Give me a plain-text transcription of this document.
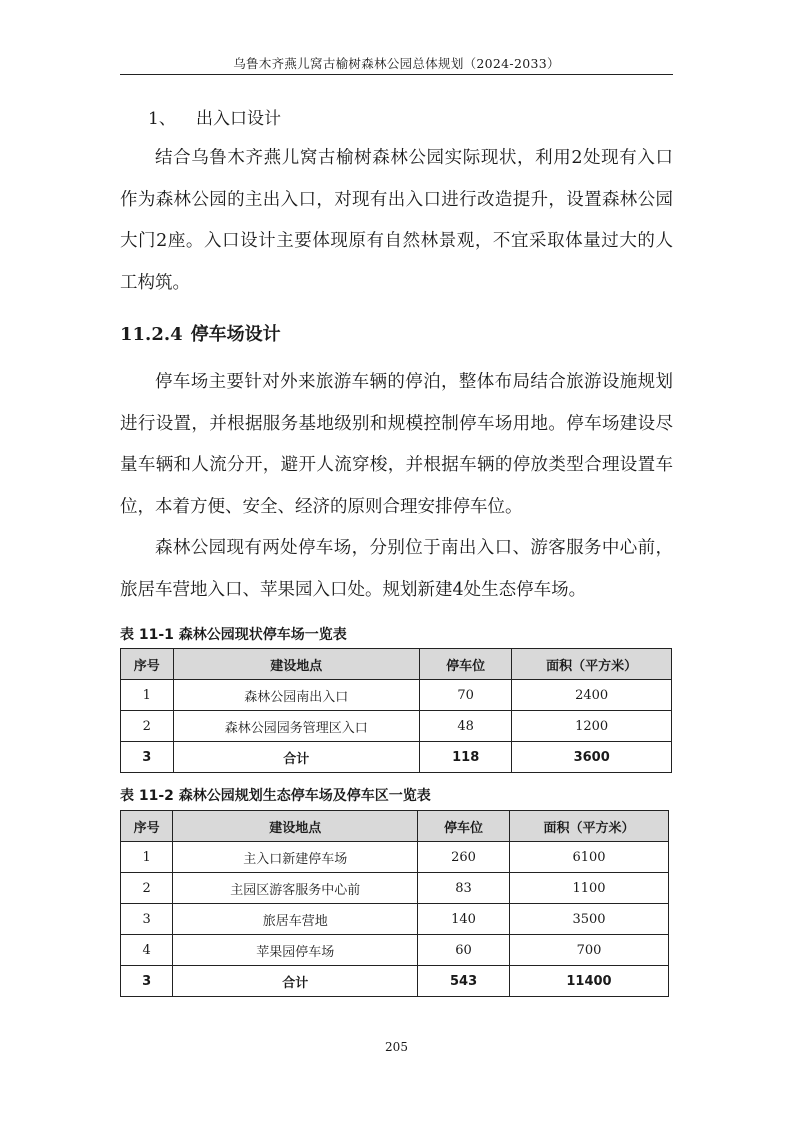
乌鲁木齐燕儿窝古榆树森林公园总体规划（2024-2033）
1、 出入口设计

结合乌鲁木齐燕儿窝古榆树森林公园实际现状，利用2处现有入口作为森林公园的主出入口，对现有出入口进行改造提升，设置森林公园大门2座。入口设计主要体现原有自然林景观，不宜采取体量过大的人工构筑。

11.2.4 停车场设计

停车场主要针对外来旅游车辆的停泊，整体布局结合旅游设施规划进行设置，并根据服务基地级别和规模控制停车场用地。停车场建设尽量车辆和人流分开，避开人流穿梭，并根据车辆的停放类型合理设置车位，本着方便、安全、经济的原则合理安排停车位。

森林公园现有两处停车场，分别位于南出入口、游客服务中心前，旅居车营地入口、苹果园入口处。规划新建4处生态停车场。

表 11-1 森林公园现状停车场一览表
序号	建设地点	停车位	面积（平方米）
1	森林公园南出入口	70	2400
2	森林公园园务管理区入口	48	1200
3	合计	118	3600
表 11-2 森林公园规划生态停车场及停车区一览表
序号	建设地点	停车位	面积（平方米）
1	主入口新建停车场	260	6100
2	主园区游客服务中心前	83	1100
3	旅居车营地	140	3500
4	苹果园停车场	60	700
3	合计	543	11400
205
